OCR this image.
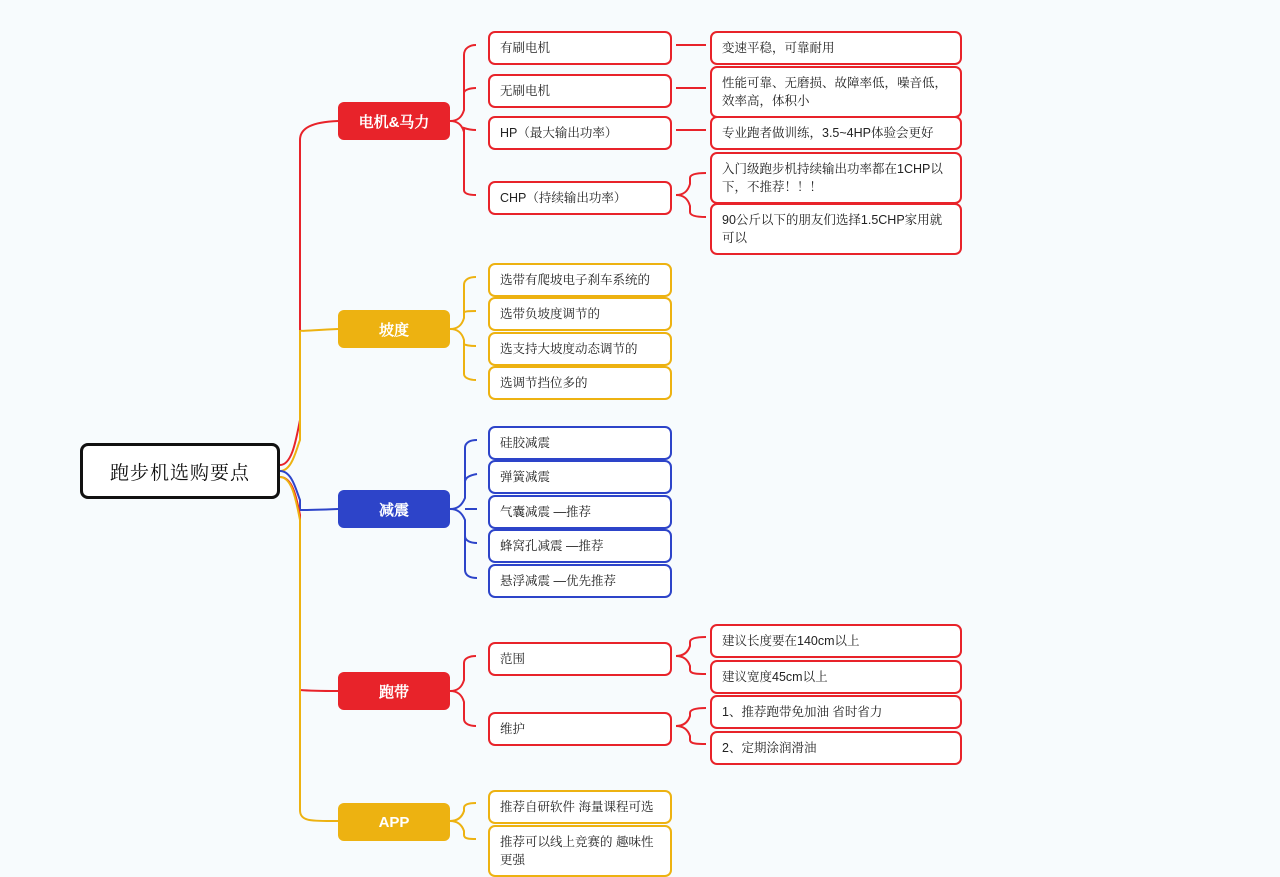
跑步机选购要点
电机&马力
有刷电机
无刷电机
HP（最大输出功率）
CHP（持续输出功率）
变速平稳，可靠耐用
性能可靠、无磨损、故障率低，噪音低，效率高，体积小
专业跑者做训练，3.5~4HP体验会更好
入门级跑步机持续输出功率都在1CHP以下，不推荐！！！
90公斤以下的朋友们选择1.5CHP家用就可以
坡度
选带有爬坡电子刹车系统的
选带负坡度调节的
选支持大坡度动态调节的
选调节挡位多的
减震
硅胶减震
弹簧减震
气囊减震 —推荐
蜂窝孔减震 —推荐
悬浮减震 —优先推荐
跑带
范围
维护
建议长度要在140cm以上
建议宽度45cm以上
1、推荐跑带免加油 省时省力
2、定期涂润滑油
APP
推荐自研软件 海量课程可选
推荐可以线上竞赛的 趣味性更强
